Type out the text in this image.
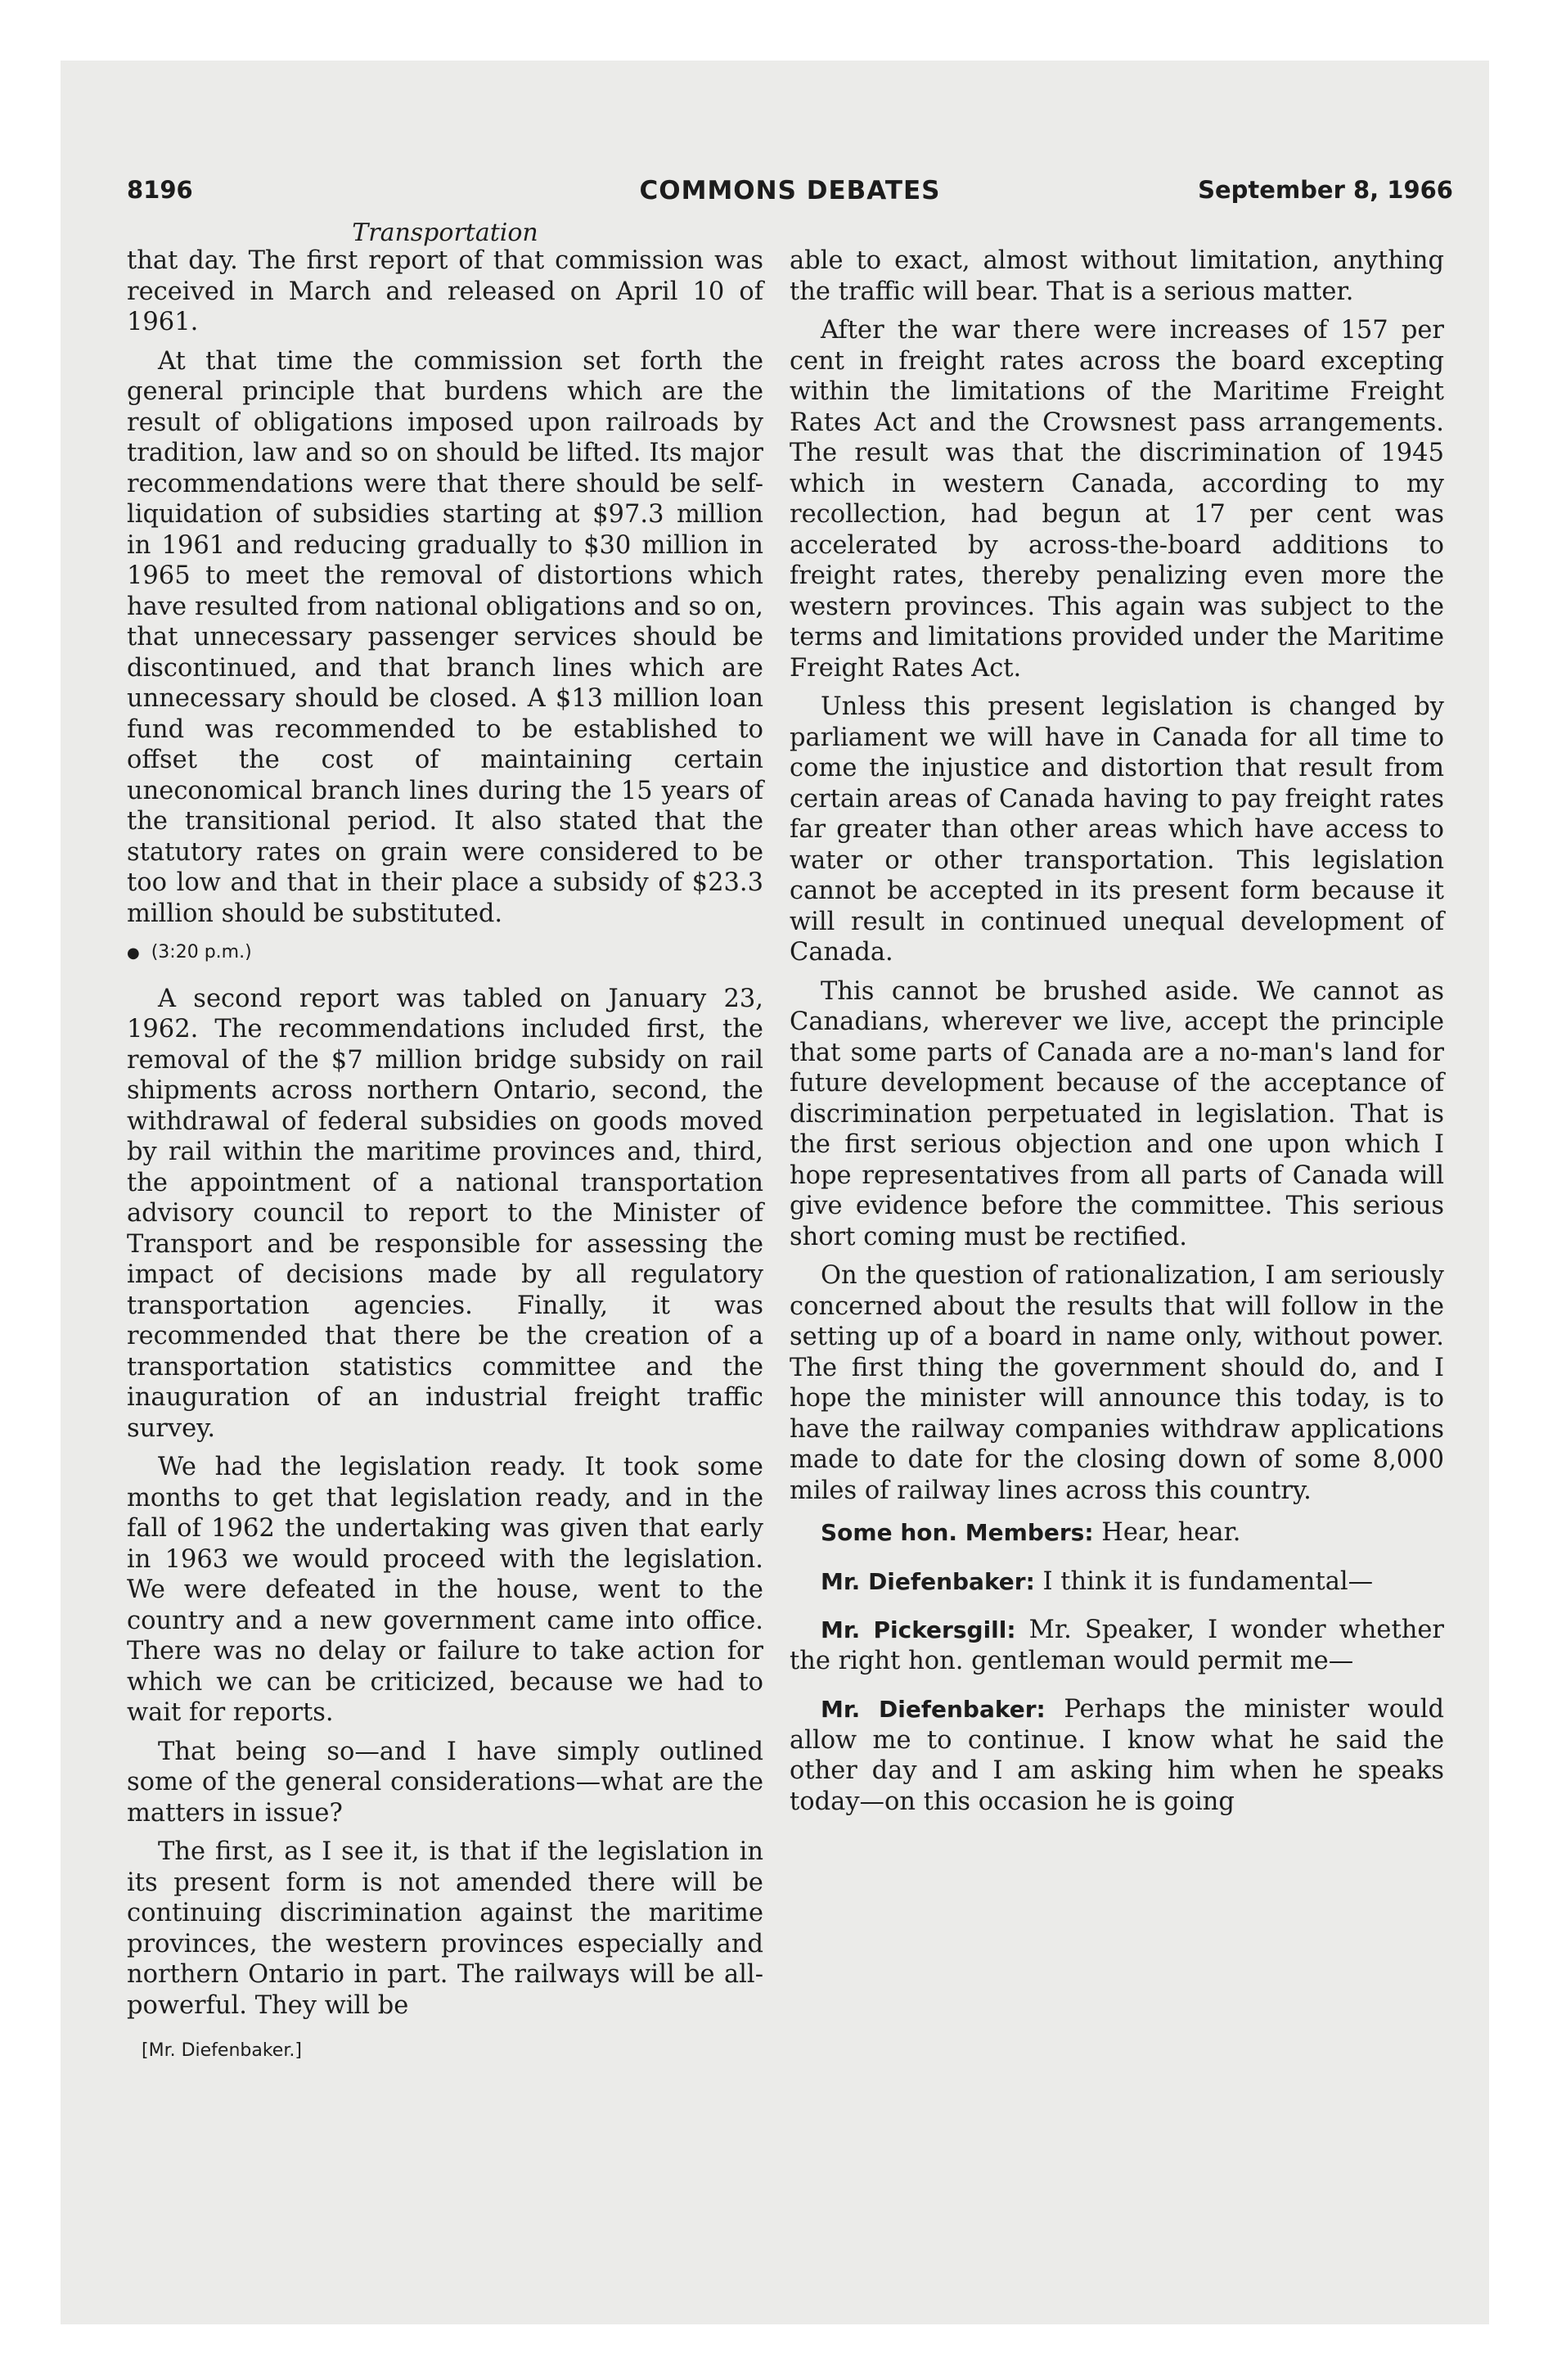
8196	COMMONS DEBATES	September 8, 1966
Transportation

that day. The first report of that commission was received in March and released on April 10 of 1961.

At that time the commission set forth the general principle that burdens which are the result of obligations imposed upon railroads by tradition, law and so on should be lifted. Its major recommendations were that there should be self-liquidation of subsidies starting at $97.3 million in 1961 and reducing gradually to $30 million in 1965 to meet the removal of distortions which have resulted from national obligations and so on, that unnecessary passenger services should be discontinued, and that branch lines which are unnecessary should be closed. A $13 million loan fund was recommended to be established to offset the cost of maintaining certain uneconomical branch lines during the 15 years of the transitional period. It also stated that the statutory rates on grain were considered to be too low and that in their place a subsidy of $23.3 million should be substituted.

● (3:20 p.m.)

A second report was tabled on January 23, 1962. The recommendations included first, the removal of the $7 million bridge subsidy on rail shipments across northern Ontario, second, the withdrawal of federal subsidies on goods moved by rail within the maritime provinces and, third, the appointment of a national transportation advisory council to report to the Minister of Transport and be responsible for assessing the impact of decisions made by all regulatory transportation agencies. Finally, it was recommended that there be the creation of a transportation statistics committee and the inauguration of an industrial freight traffic survey.

We had the legislation ready. It took some months to get that legislation ready, and in the fall of 1962 the undertaking was given that early in 1963 we would proceed with the legislation. We were defeated in the house, went to the country and a new government came into office. There was no delay or failure to take action for which we can be criticized, because we had to wait for reports.

That being so—and I have simply outlined some of the general considerations—what are the matters in issue?

The first, as I see it, is that if the legislation in its present form is not amended there will be continuing discrimination against the maritime provinces, the western provinces especially and northern Ontario in part. The railways will be all-powerful. They will be

[Mr. Diefenbaker.]

able to exact, almost without limitation, anything the traffic will bear. That is a serious matter.

After the war there were increases of 157 per cent in freight rates across the board excepting within the limitations of the Maritime Freight Rates Act and the Crowsnest pass arrangements. The result was that the discrimination of 1945 which in western Canada, according to my recollection, had begun at 17 per cent was accelerated by across-the-board additions to freight rates, thereby penalizing even more the western provinces. This again was subject to the terms and limitations provided under the Maritime Freight Rates Act.

Unless this present legislation is changed by parliament we will have in Canada for all time to come the injustice and distortion that result from certain areas of Canada having to pay freight rates far greater than other areas which have access to water or other transportation. This legislation cannot be accepted in its present form because it will result in continued unequal development of Canada.

This cannot be brushed aside. We cannot as Canadians, wherever we live, accept the principle that some parts of Canada are a no-man's land for future development because of the acceptance of discrimination perpetuated in legislation. That is the first serious objection and one upon which I hope representatives from all parts of Canada will give evidence before the committee. This serious short coming must be rectified.

On the question of rationalization, I am seriously concerned about the results that will follow in the setting up of a board in name only, without power. The first thing the government should do, and I hope the minister will announce this today, is to have the railway companies withdraw applications made to date for the closing down of some 8,000 miles of railway lines across this country.

Some hon. Members: Hear, hear.

Mr. Diefenbaker: I think it is fundamental—

Mr. Pickersgill: Mr. Speaker, I wonder whether the right hon. gentleman would permit me—

Mr. Diefenbaker: Perhaps the minister would allow me to continue. I know what he said the other day and I am asking him when he speaks today—on this occasion he is going
